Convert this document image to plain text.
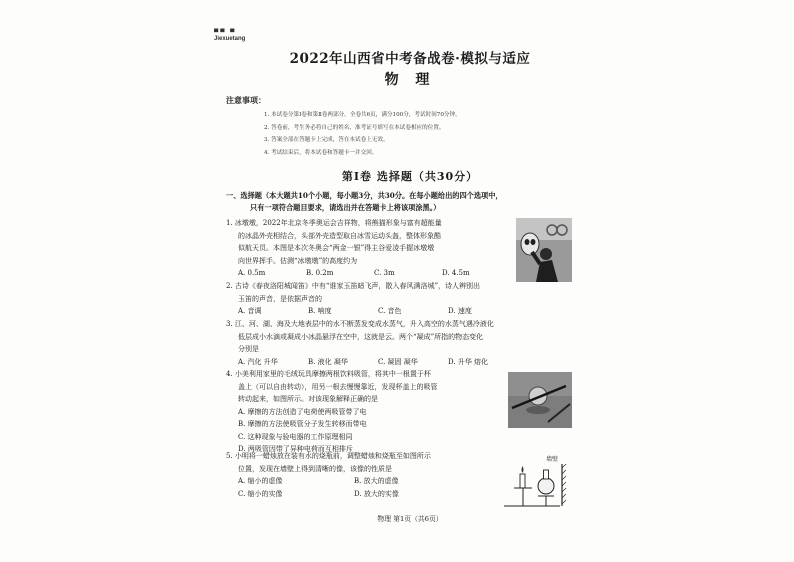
▀▀ ▀
Jiexuetang
2022年山西省中考备战卷·模拟与适应
物 理
注意事项：
1. 本试卷分第Ⅰ卷和第Ⅱ卷两部分。全卷共6页，满分100分，考试时间70分钟。
2. 答卷前，考生务必将自己的姓名、准考证号填写在本试卷相应的位置。
3. 答案全部在答题卡上完成，答在本试卷上无效。
4. 考试结束后，将本试卷和答题卡一并交回。
第Ⅰ卷 选择题（共30分）
一、选择题（本大题共10个小题，每小题3分，共30分。在每小题给出的四个选项中，
只有一项符合题目要求，请选出并在答题卡上将该项涂黑。）
1. 冰墩墩，2022年北京冬季奥运会吉祥物，将熊猫形象与富有超能量
的冰晶外壳相结合，头部外壳造型取自冰雪运动头盔，整体形象酷
似航天员。本图是本次冬奥会“两金一银”得主谷爱凌手握冰墩墩
向世界挥手。估测“冰墩墩”的高度约为
A. 0.5m	B. 0.2m	C. 3m	D. 4.5m
2. 古诗《春夜洛阳城闻笛》中有“谁家玉笛暗飞声，散入春风满洛城”，诗人辨别出
玉笛的声音，是依据声音的
A. 音调	B. 响度	C. 音色	D. 速度
3. 江、河、湖、海及大地表层中的水不断蒸发变成水蒸气，升入高空的水蒸气遇冷液化
低层成小水滴或凝成小冰晶悬浮在空中，这就是云。两个“凝成”所指的物态变化
分别是
A. 汽化 升华	B. 液化 凝华	C. 凝固 凝华	D. 升华 熔化
4. 小美利用家里的毛绒玩具摩擦两根饮料吸管，将其中一根置于杯
盖上（可以自由转动），用另一根去慢慢靠近，发现杯盖上的吸管
转动起来，如图所示。对该现象解释正确的是
A. 摩擦的方法创造了电荷使两吸管带了电
B. 摩擦的方法使吸管分子发生转移而带电
C. 这种现象与验电器的工作原理相同
D. 两吸管因带了异种电荷而互相排斥
5. 小明将一蜡烛放在装有水的烧瓶前，调整蜡烛和烧瓶至如图所示
位置，发现在墙壁上得到清晰的像，该像的性质是
A. 缩小的虚像	B. 放大的虚像
C. 缩小的实像	D. 放大的实像
墙壁
物理 第1页（共6页）
